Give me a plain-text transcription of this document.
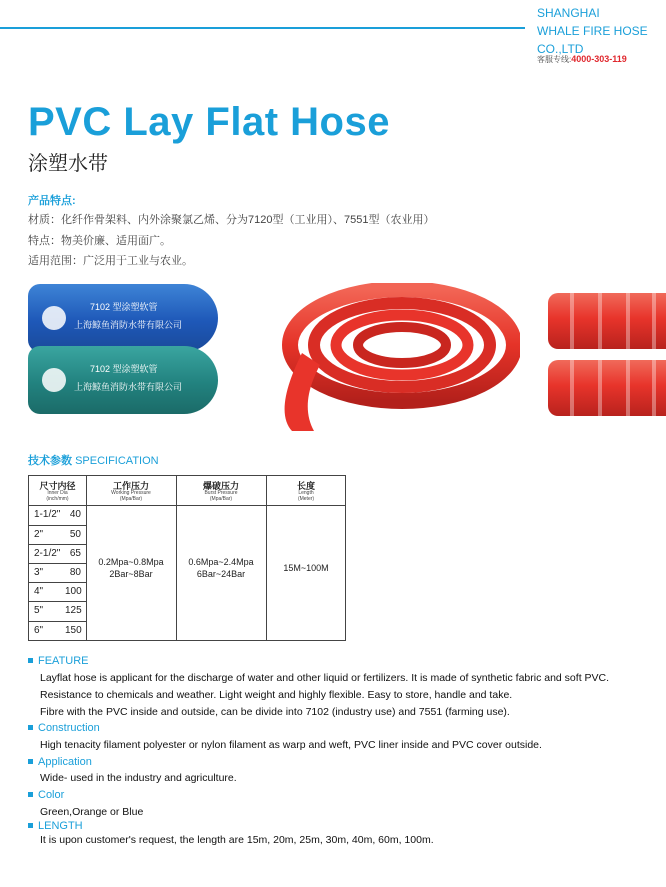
SHANGHAI
WHALE FIRE HOSE
CO.,LTD
客服专线:4000-303-119
PVC Lay Flat Hose
涂塑水带
产品特点:
材质：化纤作骨架料、内外涂聚氯乙烯、分为7120型（工业用）、7551型（农业用）
特点：物美价廉、适用面广。
适用范围：广泛用于工业与农业。
7102 型涂塑软管
上海鲸鱼消防水带有限公司
7102 型涂塑软管
上海鲸鱼消防水带有限公司
技术参数 SPECIFICATION
尺寸内径
Inner Dia
(inch/mm)
工作压力
Working Pressure
(Mpa/Bar)
爆破压力
Burst Pressure
(Mpa/Bar)
长度
Length
(Meter)
1-1/2" 40
2"	50
2-1/2" 65
3"	80
4" 100
5" 125
6" 150
0.2Mpa~0.8Mpa
2Bar~8Bar
0.6Mpa~2.4Mpa
6Bar~24Bar
15M~100M
FEATURE
Layflat hose is applicant for the discharge of water and other liquid or fertilizers. It is made of synthetic fabric and soft PVC.
Resistance to chemicals and weather. Light weight and highly flexible. Easy to store, handle and take.
Fibre with the PVC inside and outside, can be divide into 7102 (industry use) and 7551 (farming use).
Construction
High tenacity filament polyester or nylon filament as warp and weft, PVC liner inside and PVC cover outside.
Application
Wide- used in the industry and agriculture.
Color
Green,Orange or Blue
LENGTH
It is upon customer's request, the length are 15m, 20m, 25m, 30m, 40m, 60m, 100m.
